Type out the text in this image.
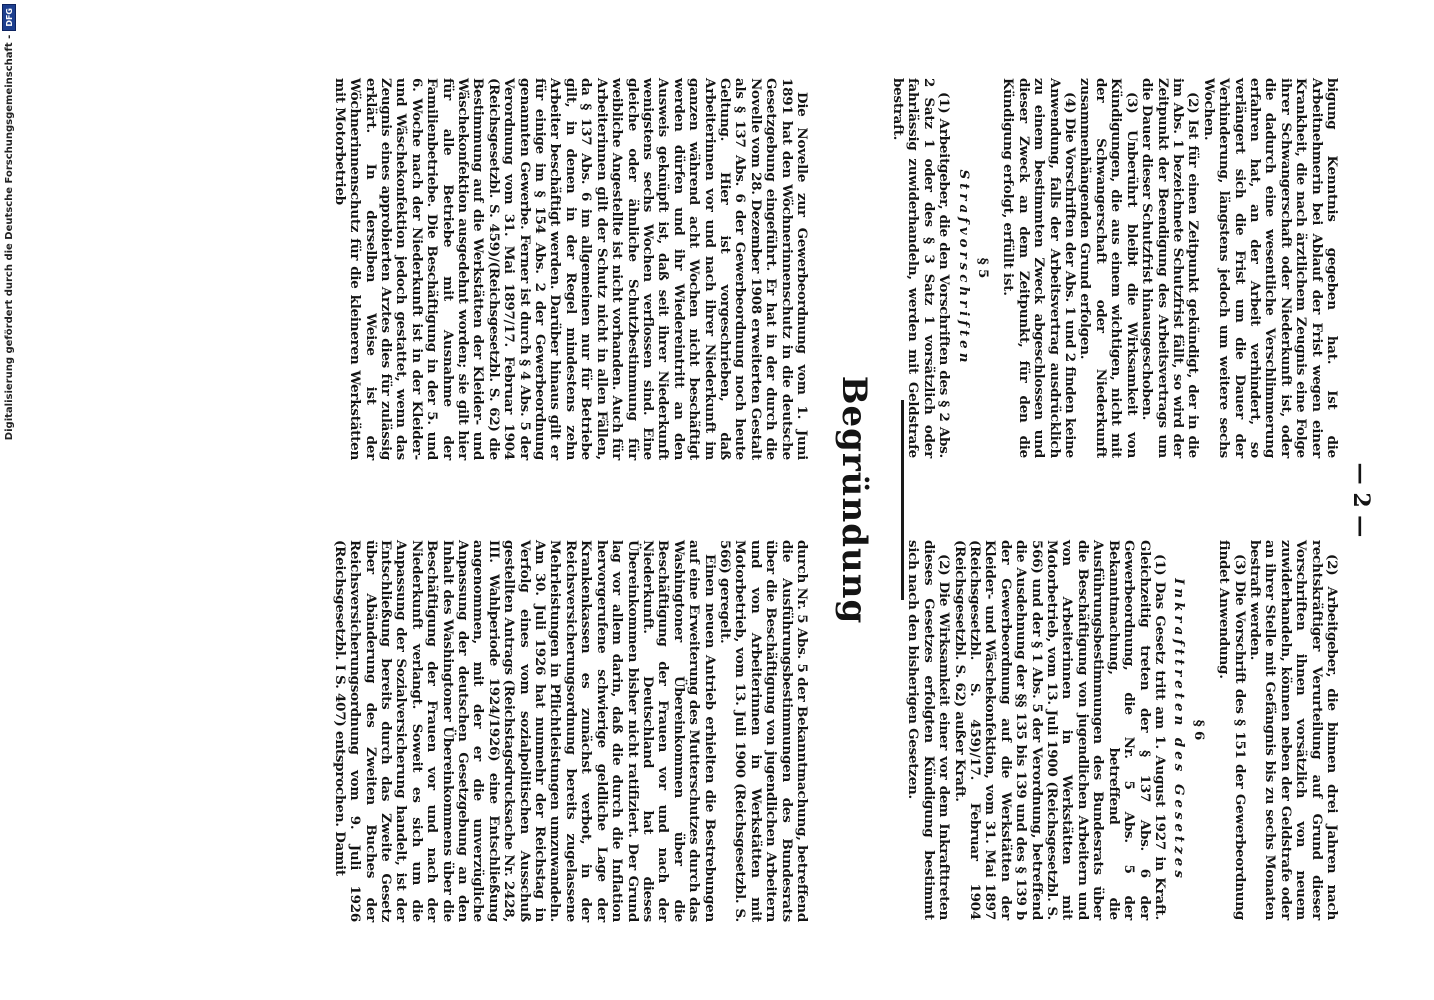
Digitalisierung gefördert durch die Deutsche Forschungsgemeinschaft -
DFG
— 2 —

bigung Kenntnis gegeben hat. Ist die Arbeitnehmerin bei Ablauf der Frist wegen einer Krankheit, die nach ärztlichem Zeugnis eine Folge ihrer Schwangerschaft oder Niederkunft ist, oder die dadurch eine wesentliche Verschlimmerung erfahren hat, an der Arbeit verhindert, so verlängert sich die Frist um die Dauer der Verhinderung, längstens jedoch um weitere sechs Wochen.

(2) Ist für einen Zeitpunkt gekündigt, der in die im Abs. 1 bezeichnete Schutzfrist fällt, so wird der Zeitpunkt der Beendigung des Arbeitsvertrags um die Dauer dieser Schutzfrist hinausgeschoben.

(3) Unberührt bleibt die Wirksamkeit von Kündigungen, die aus einem wichtigen, nicht mit der Schwangerschaft oder Niederkunft zusammenhängenden Grund erfolgen.

(4) Die Vorschriften der Abs. 1 und 2 finden keine Anwendung, falls der Arbeitsvertrag ausdrücklich zu einem bestimmten Zweck abgeschlossen und dieser Zweck an dem Zeitpunkt, für den die Kündigung erfolgt, erfüllt ist.

§ 5
Strafvorschriften

(1) Arbeitgeber, die den Vorschriften des § 2 Abs. 2 Satz 1 oder des § 3 Satz 1 vorsätzlich oder fahrlässig zuwiderhandeln, werden mit Geldstrafe bestraft.

(2) Arbeitgeber, die binnen drei Jahren nach rechtskräftiger Verurteilung auf Grund dieser Vorschriften ihnen vorsätzlich von neuem zuwiderhandeln, können neben der Geldstrafe oder an ihrer Stelle mit Gefängnis bis zu sechs Monaten bestraft werden.

(3) Die Vorschrift des § 151 der Gewerbeordnung findet Anwendung.

§ 6
Inkrafttreten des Gesetzes

(1) Das Gesetz tritt am 1. August 1927 in Kraft. Gleichzeitig treten der § 137 Abs. 6 der Gewerbeordnung, die Nr. 5 Abs. 5 der Bekanntmachung, betreffend die Ausführungsbestimmungen des Bundesrats über die Beschäftigung von jugendlichen Arbeitern und von Arbeiterinnen in Werkstätten mit Motorbetrieb, vom 13. Juli 1900 (Reichsgesetzbl. S. 566) und der § 1 Abs. 5 der Verordnung, betreffend die Ausdehnung der §§ 135 bis 139 und des § 139 b der Gewerbeordnung auf die Werkstätten der Kleider- und Wäschekonfektion, vom 31. Mai 1897 (Reichsgesetzbl. S. 459)/17. Februar 1904 (Reichsgesetzbl. S. 62) außer Kraft.

(2) Die Wirksamkeit einer vor dem Inkrafttreten dieses Gesetzes erfolgten Kündigung bestimmt sich nach den bisherigen Gesetzen.

Begründung

Die Novelle zur Gewerbeordnung vom 1. Juni 1891 hat den Wöchnerinnenschutz in die deutsche Gesetzgebung eingeführt. Er hat in der durch die Novelle vom 28. Dezember 1908 erweiterten Gestalt als § 137 Abs. 6 der Gewerbeordnung noch heute Geltung. Hier ist vorgeschrieben, daß Arbeiterinnen vor und nach ihrer Niederkunft im ganzen während acht Wochen nicht beschäftigt werden dürfen und ihr Wiedereintritt an den Ausweis geknüpft ist, daß seit ihrer Niederkunft wenigstens sechs Wochen verflossen sind. Eine gleiche oder ähnliche Schutzbestimmung für weibliche Angestellte ist nicht vorhanden. Auch für Arbeiterinnen gilt der Schutz nicht in allen Fällen, da § 137 Abs. 6 im allgemeinen nur für Betriebe gilt, in denen in der Regel mindestens zehn Arbeiter beschäftigt werden. Darüber hinaus gilt er für einige im § 154 Abs. 2 der Gewerbeordnung genannten Gewerbe. Ferner ist durch § 4 Abs. 5 der Verordnung vom 31. Mai 1897/17. Februar 1904 (Reichsgesetzbl. S. 459)/(Reichsgesetzbl. S. 62) die Bestimmung auf die Werkstätten der Kleider- und Wäschekonfektion ausgedehnt worden; sie gilt hier für alle Betriebe mit Ausnahme der Familienbetriebe. Die Beschäftigung in der 5. und 6. Woche nach der Niederkunft ist in der Kleider- und Wäschekonfektion jedoch gestattet, wenn das Zeugnis eines approbierten Arztes dies für zulässig erklärt. In derselben Weise ist der Wöchnerinnenschutz für die kleineren Werkstätten mit Motorbetrieb

durch Nr. 5 Abs. 5 der Bekanntmachung, betreffend die Ausführungsbestimmungen des Bundesrats über die Beschäftigung von jugendlichen Arbeitern und von Arbeiterinnen in Werkstätten mit Motorbetrieb, vom 13. Juli 1900 (Reichsgesetzbl. S. 566) geregelt.

Einen neuen Antrieb erhielten die Bestrebungen auf eine Erweiterung des Mutterschutzes durch das Washingtoner Übereinkommen über die Beschäftigung der Frauen vor und nach der Niederkunft. Deutschland hat dieses Übereinkommen bisher nicht ratifiziert. Der Grund lag vor allem darin, daß die durch die Inflation hervorgerufene schwierige geldliche Lage der Krankenkassen es zunächst verbot, in der Reichsversicherungsordnung bereits zugelassene Mehrleistungen in Pflichtleistungen umzuwandeln. Am 30. Juli 1926 hat nunmehr der Reichstag in Verfolg eines vom sozialpolitischen Ausschuß gestellten Antrags (Reichstagsdrucksache Nr. 2428, III. Wahlperiode 1924/1926) eine Entschließung angenommen, mit der er die unverzügliche Anpassung der deutschen Gesetzgebung an den Inhalt des Washingtoner Übereinkommens über die Beschäftigung der Frauen vor und nach der Niederkunft verlangt. Soweit es sich um die Anpassung der Sozialversicherung handelt, ist der Entschließung bereits durch das Zweite Gesetz über Abänderung des Zweiten Buches der Reichsversicherungsordnung vom 9. Juli 1926 (Reichsgesetzbl. I S. 407) entsprochen. Damit
